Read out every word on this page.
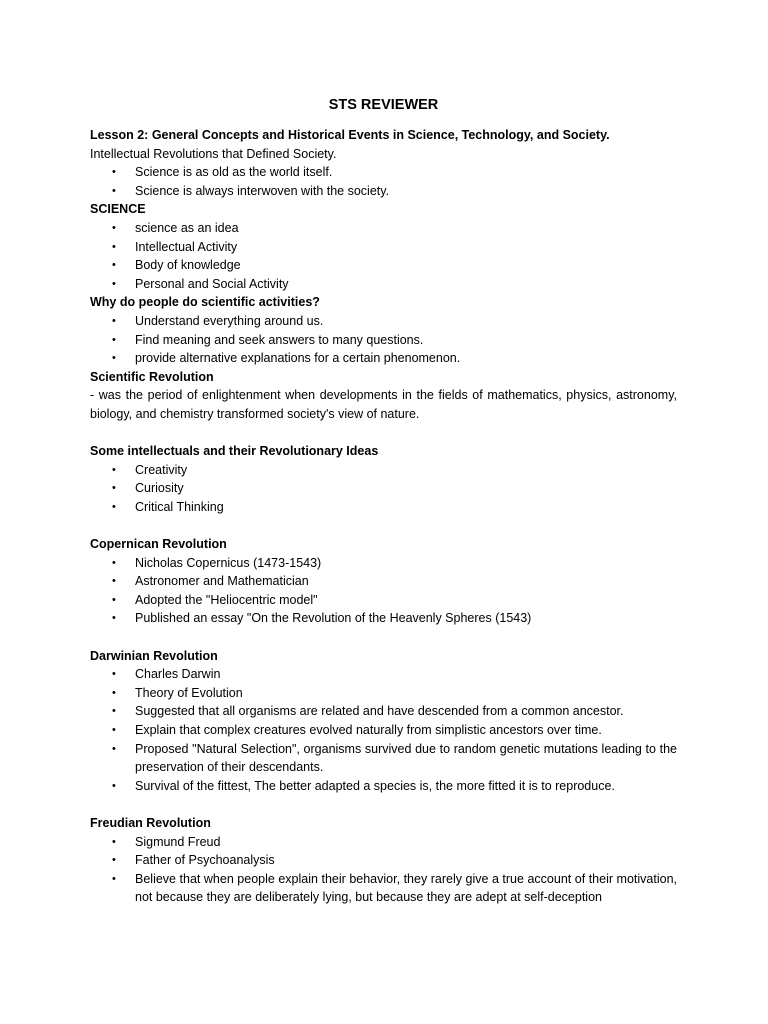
STS REVIEWER
Lesson 2: General Concepts and Historical Events in Science, Technology, and Society.
Intellectual Revolutions that Defined Society.
• Science is as old as the world itself.
• Science is always interwoven with the society.
SCIENCE
• science as an idea
• Intellectual Activity
• Body of knowledge
• Personal and Social Activity
Why do people do scientific activities?
• Understand everything around us.
• Find meaning and seek answers to many questions.
• provide alternative explanations for a certain phenomenon.
Scientific Revolution
- was the period of enlightenment when developments in the fields of mathematics, physics, astronomy, biology, and chemistry transformed society's view of nature.
Some intellectuals and their Revolutionary Ideas
• Creativity
• Curiosity
• Critical Thinking
Copernican Revolution
• Nicholas Copernicus (1473-1543)
• Astronomer and Mathematician
• Adopted the "Heliocentric model"
• Published an essay "On the Revolution of the Heavenly Spheres (1543)
Darwinian Revolution
• Charles Darwin
• Theory of Evolution
• Suggested that all organisms are related and have descended from a common ancestor.
• Explain that complex creatures evolved naturally from simplistic ancestors over time.
• Proposed "Natural Selection", organisms survived due to random genetic mutations leading to the preservation of their descendants.
• Survival of the fittest, The better adapted a species is, the more fitted it is to reproduce.
Freudian Revolution
• Sigmund Freud
• Father of Psychoanalysis
• Believe that when people explain their behavior, they rarely give a true account of their motivation, not because they are deliberately lying, but because they are adept at self-deception
